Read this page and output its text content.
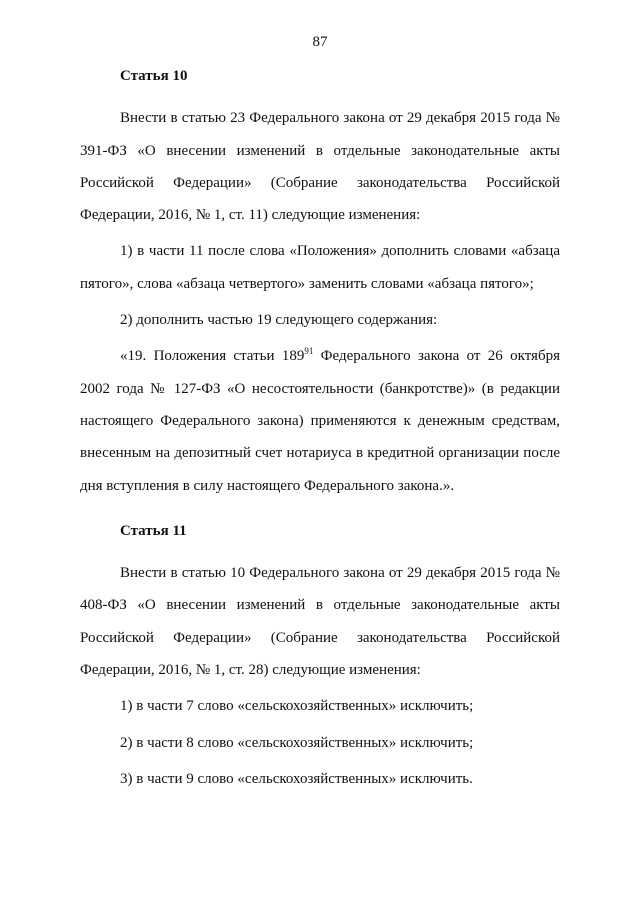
87
Статья 10

Внести в статью 23 Федерального закона от 29 декабря 2015 года № 391-ФЗ «О внесении изменений в отдельные законодательные акты Российской Федерации» (Собрание законодательства Российской Федерации, 2016, № 1, ст. 11) следующие изменения:

1) в части 11 после слова «Положения» дополнить словами «абзаца пятого», слова «абзаца четвертого» заменить словами «абзаца пятого»;

2) дополнить частью 19 следующего содержания:

«19. Положения статьи $189^{91}$ Федерального закона от 26 октября 2002 года № 127-ФЗ «О несостоятельности (банкротстве)» (в редакции настоящего Федерального закона) применяются к денежным средствам, внесенным на депозитный счет нотариуса в кредитной организации после дня вступления в силу настоящего Федерального закона.».

Статья 11

Внести в статью 10 Федерального закона от 29 декабря 2015 года № 408-ФЗ «О внесении изменений в отдельные законодательные акты Российской Федерации» (Собрание законодательства Российской Федерации, 2016, № 1, ст. 28) следующие изменения:

1) в части 7 слово «сельскохозяйственных» исключить;

2) в части 8 слово «сельскохозяйственных» исключить;

3) в части 9 слово «сельскохозяйственных» исключить.
